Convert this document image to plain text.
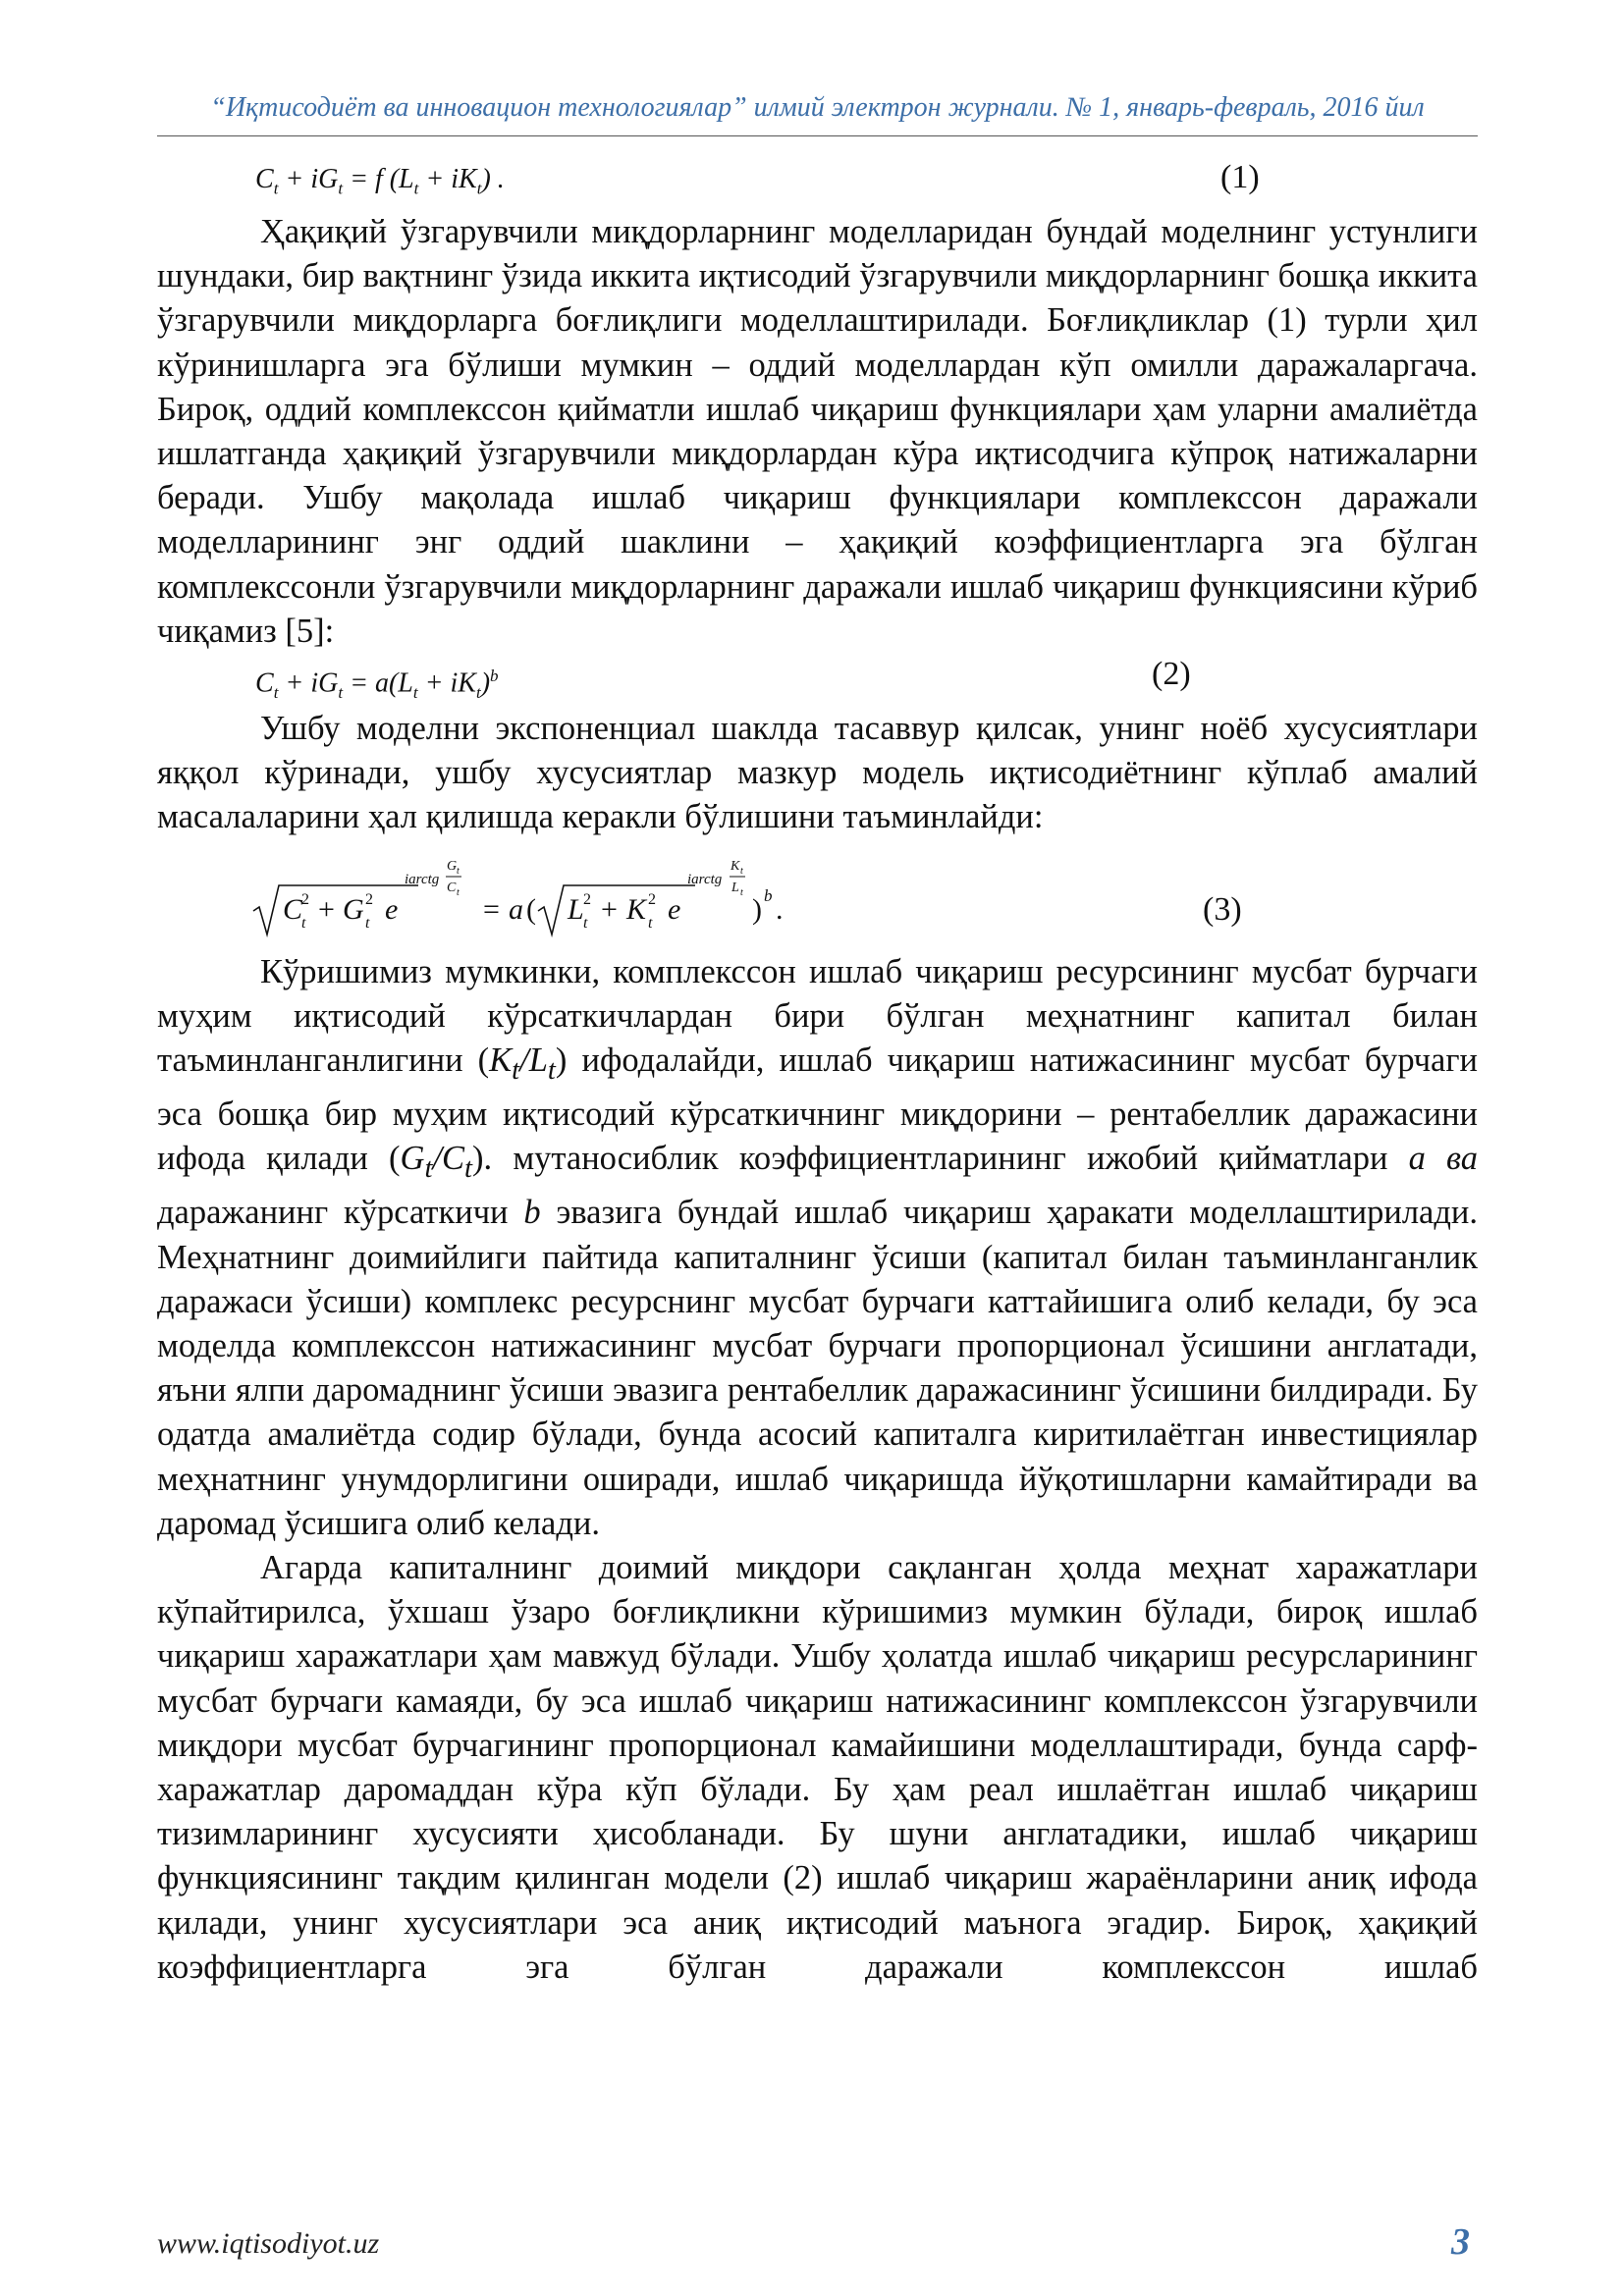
“Иқтисодиёт ва инновацион технологиялар” илмий электрон журнали. № 1, январь-февраль, 2016 йил
$C_t + iG_t = f$ $(L_t + iK_t)$ .	(1)

Ҳақиқий ўзгарувчили миқдорларнинг моделларидан бундай моделнинг устунлиги шундаки, бир вақтнинг ўзида иккита иқтисодий ўзгарувчили миқдорларнинг бошқа иккита ўзгарувчили миқдорларга боғлиқлиги моделлаштирилади. Боғлиқликлар (1) турли ҳил кўринишларга эга бўлиши мумкин – оддий моделлардан кўп омилли даражаларгача. Бироқ, оддий комплекссон қийматли ишлаб чиқариш функциялари ҳам уларни амалиётда ишлатганда ҳақиқий ўзгарувчили миқдорлардан кўра иқтисодчига кўпроқ натижаларни беради. Ушбу мақолада ишлаб чиқариш функциялари комплекссон даражали моделларининг энг оддий шаклини – ҳақиқий коэффициентларга эга бўлган комплекссонли ўзгарувчили миқдорларнинг даражали ишлаб чиқариш функциясини кўриб чиқамиз [5]:

$C_t + iG_t = a(L_t + iK_t)^b$	(2)

Ушбу моделни экспоненциал шаклда тасаввур қилсак, унинг ноёб хусусиятлари яққол кўринади, ушбу хусусиятлар мазкур модель иқтисодиётнинг кўплаб амалий масалаларини ҳал қилишда керакли бўлишини таъминлайди:

C
t
2 + G t
2 e
iarctg
G t
C t
= a ( L t
2 + K t
2 e
iarctg
K t
L t
) b .	(3)

Кўришимиз мумкинки, комплекссон ишлаб чиқариш ресурсининг мусбат бурчаги муҳим иқтисодий кўрсаткичлардан бири бўлган меҳнатнинг капитал билан таъминланганлигини $(K_t/L_t)$ ифодалайди, ишлаб чиқариш натижасининг мусбат бурчаги эса бошқа бир муҳим иқтисодий кўрсаткичнинг миқдорини – рентабеллик даражасини ифода қилади $(G_t/C_t)$. мутаносиблик коэффициентларининг ижобий қийматлари a ва даражанинг кўрсаткичи b эвазига бундай ишлаб чиқариш ҳаракати моделлаштирилади. Меҳнатнинг доимийлиги пайтида капиталнинг ўсиши (капитал билан таъминланганлик даражаси ўсиши) комплекс ресурснинг мусбат бурчаги каттайишига олиб келади, бу эса моделда комплекссон натижасининг мусбат бурчаги пропорционал ўсишини англатади, яъни ялпи даромаднинг ўсиши эвазига рентабеллик даражасининг ўсишини билдиради. Бу одатда амалиётда содир бўлади, бунда асосий капиталга киритилаётган инвестициялар меҳнатнинг унумдорлигини оширади, ишлаб чиқаришда йўқотишларни камайтиради ва даромад ўсишига олиб келади.

Агарда капиталнинг доимий миқдори сақланган ҳолда меҳнат харажатлари кўпайтирилса, ўхшаш ўзаро боғлиқликни кўришимиз мумкин бўлади, бироқ ишлаб чиқариш харажатлари ҳам мавжуд бўлади. Ушбу ҳолатда ишлаб чиқариш ресурсларининг мусбат бурчаги камаяди, бу эса ишлаб чиқариш натижасининг комплекссон ўзгарувчили миқдори мусбат бурчагининг пропорционал камайишини моделлаштиради, бунда сарф-харажатлар даромаддан кўра кўп бўлади. Бу ҳам реал ишлаётган ишлаб чиқариш тизимларининг хусусияти ҳисобланади. Бу шуни англатадики, ишлаб чиқариш функциясининг тақдим қилинган модели (2) ишлаб чиқариш жараёнларини аниқ ифода қилади, унинг хусусиятлари эса аниқ иқтисодий маънога эгадир. Бироқ, ҳақиқий коэффициентларга эга бўлган даражали комплекссон ишлаб

www.iqtisodiyot.uz	3
